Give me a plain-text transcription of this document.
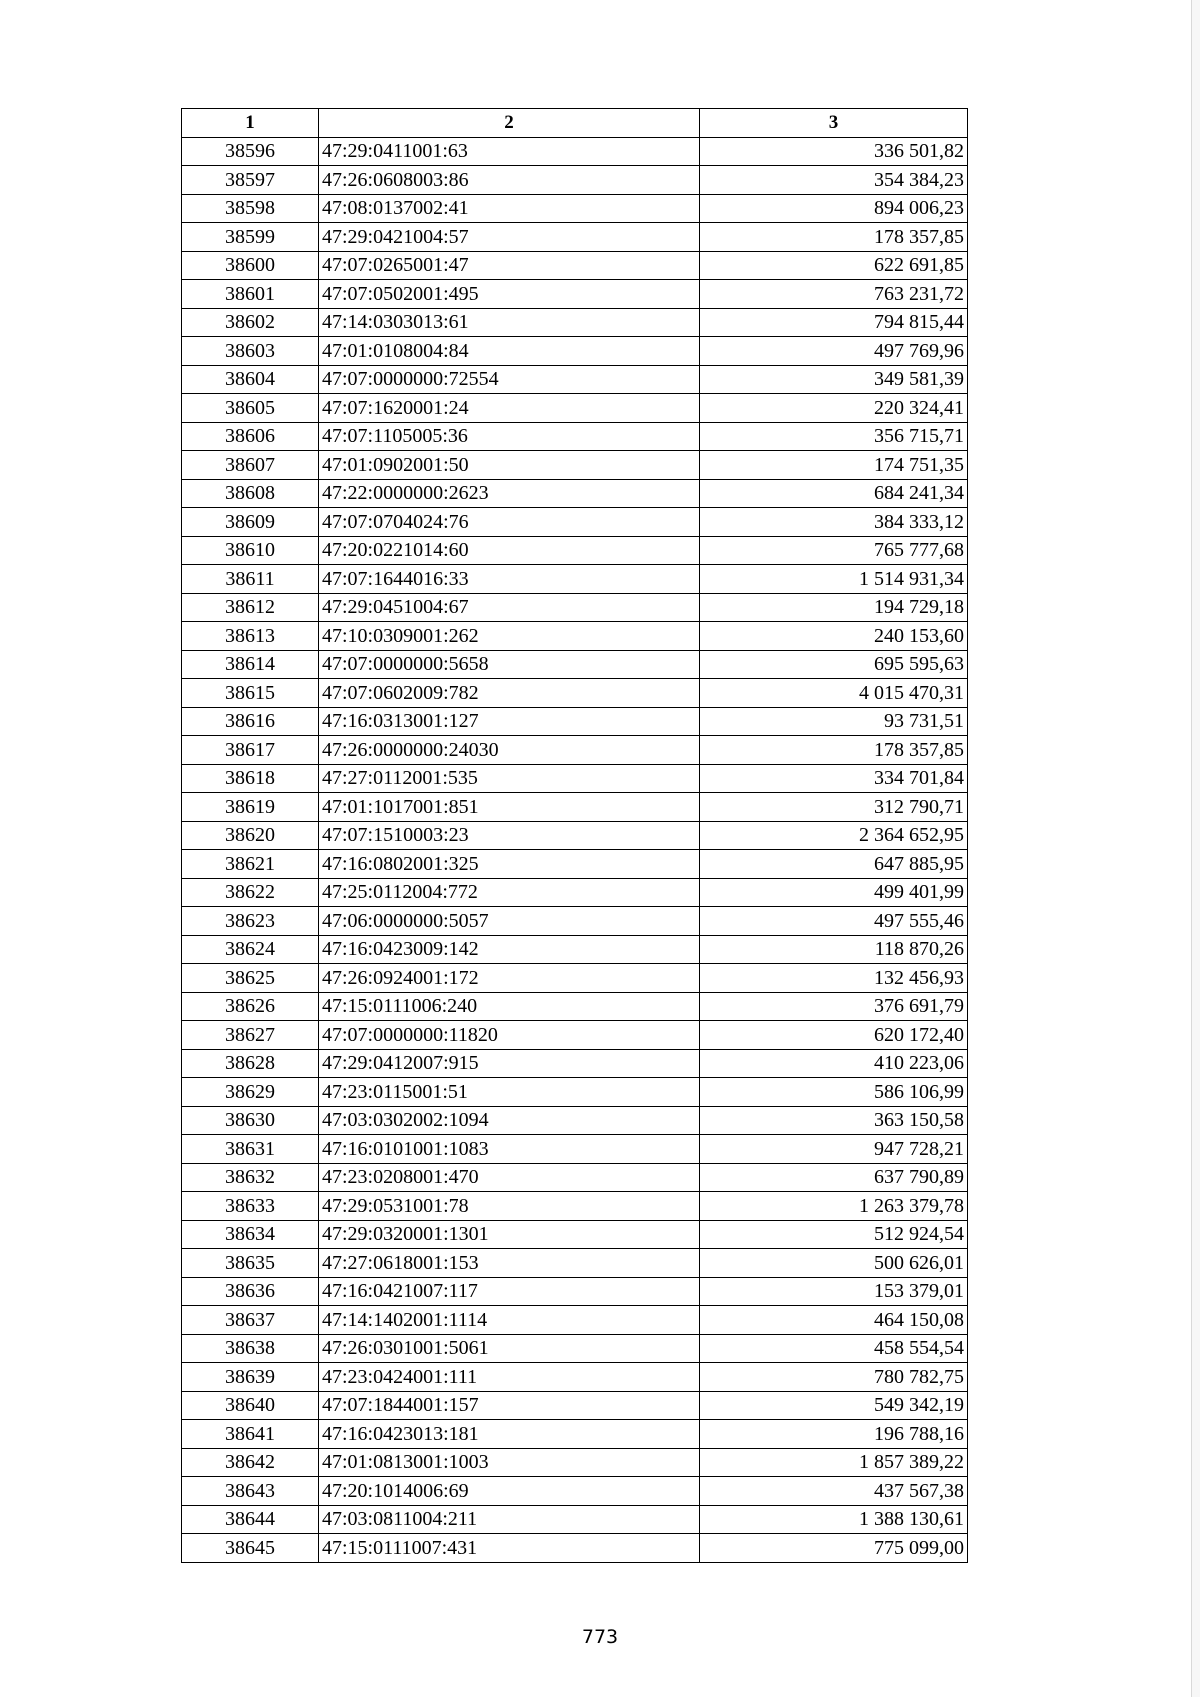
1	2	3
38596	47:29:0411001:63	336 501,82
38597	47:26:0608003:86	354 384,23
38598	47:08:0137002:41	894 006,23
38599	47:29:0421004:57	178 357,85
38600	47:07:0265001:47	622 691,85
38601	47:07:0502001:495	763 231,72
38602	47:14:0303013:61	794 815,44
38603	47:01:0108004:84	497 769,96
38604	47:07:0000000:72554	349 581,39
38605	47:07:1620001:24	220 324,41
38606	47:07:1105005:36	356 715,71
38607	47:01:0902001:50	174 751,35
38608	47:22:0000000:2623	684 241,34
38609	47:07:0704024:76	384 333,12
38610	47:20:0221014:60	765 777,68
38611	47:07:1644016:33	1 514 931,34
38612	47:29:0451004:67	194 729,18
38613	47:10:0309001:262	240 153,60
38614	47:07:0000000:5658	695 595,63
38615	47:07:0602009:782	4 015 470,31
38616	47:16:0313001:127	93 731,51
38617	47:26:0000000:24030	178 357,85
38618	47:27:0112001:535	334 701,84
38619	47:01:1017001:851	312 790,71
38620	47:07:1510003:23	2 364 652,95
38621	47:16:0802001:325	647 885,95
38622	47:25:0112004:772	499 401,99
38623	47:06:0000000:5057	497 555,46
38624	47:16:0423009:142	118 870,26
38625	47:26:0924001:172	132 456,93
38626	47:15:0111006:240	376 691,79
38627	47:07:0000000:11820	620 172,40
38628	47:29:0412007:915	410 223,06
38629	47:23:0115001:51	586 106,99
38630	47:03:0302002:1094	363 150,58
38631	47:16:0101001:1083	947 728,21
38632	47:23:0208001:470	637 790,89
38633	47:29:0531001:78	1 263 379,78
38634	47:29:0320001:1301	512 924,54
38635	47:27:0618001:153	500 626,01
38636	47:16:0421007:117	153 379,01
38637	47:14:1402001:1114	464 150,08
38638	47:26:0301001:5061	458 554,54
38639	47:23:0424001:111	780 782,75
38640	47:07:1844001:157	549 342,19
38641	47:16:0423013:181	196 788,16
38642	47:01:0813001:1003	1 857 389,22
38643	47:20:1014006:69	437 567,38
38644	47:03:0811004:211	1 388 130,61
38645	47:15:0111007:431	775 099,00
773
